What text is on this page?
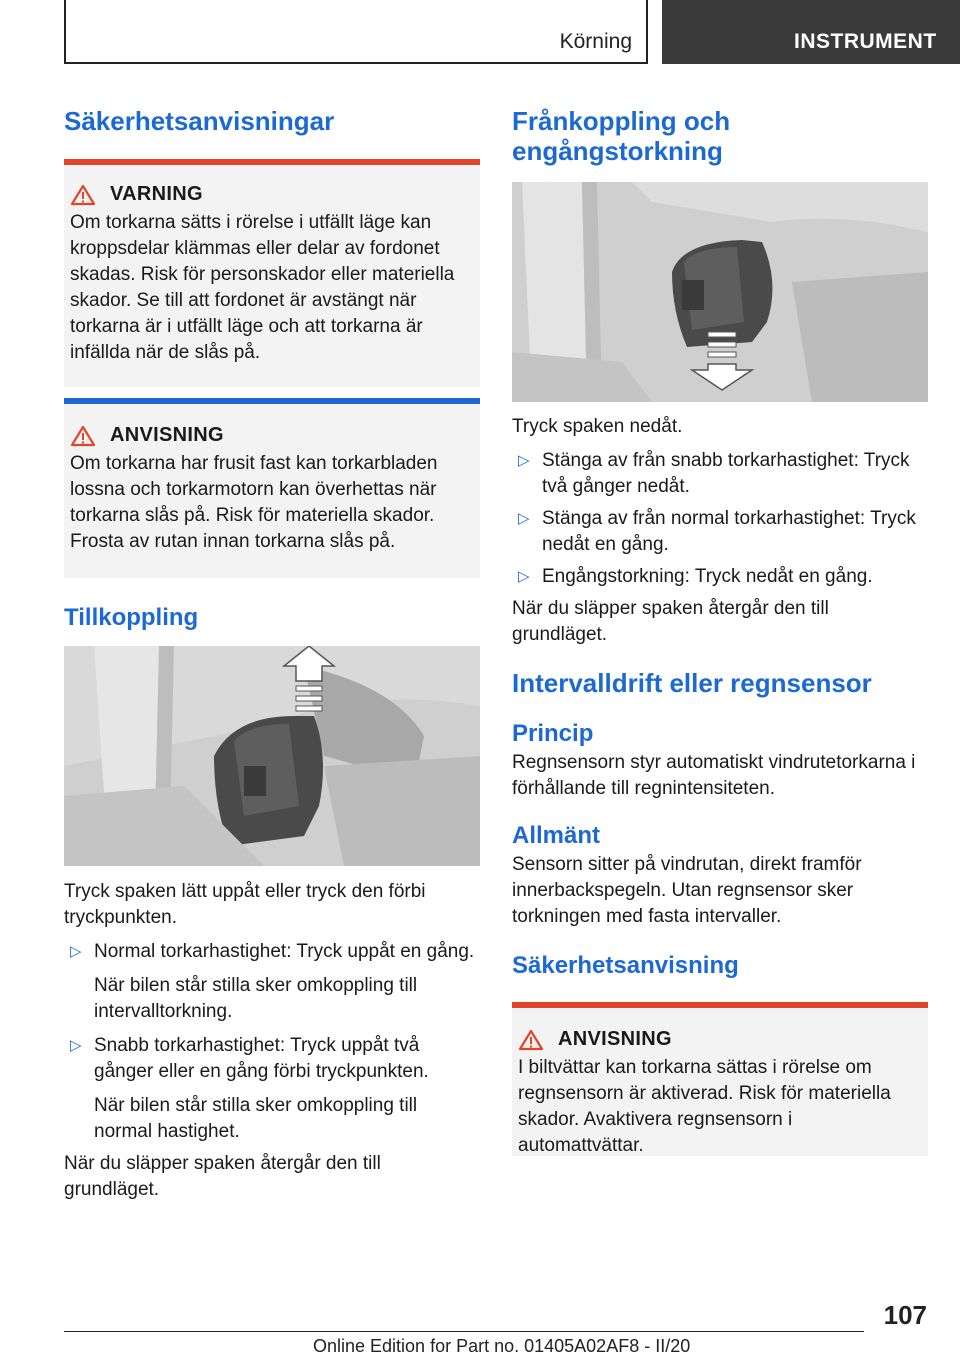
Körning	INSTRUMENT
Säkerhetsanvisningar
VARNING
Om torkarna sätts i rörelse i utfällt läge kan kroppsdelar klämmas eller delar av fordonet skadas. Risk för personskador eller materiella skador. Se till att fordonet är avstängt när torkarna är i utfällt läge och att torkarna är infällda när de slås på.
ANVISNING
Om torkarna har frusit fast kan torkarbladen lossna och torkarmotorn kan överhettas när torkarna slås på. Risk för materiella skador. Frosta av rutan innan torkarna slås på.
Tillkoppling

Tryck spaken lätt uppåt eller tryck den förbi tryckpunkten.

▷ Normal torkarhastighet: Tryck uppåt en gång.
När bilen står stilla sker omkoppling till intervalltorkning.
▷ Snabb torkarhastighet: Tryck uppåt två gånger eller en gång förbi tryckpunkten.
När bilen står stilla sker omkoppling till normal hastighet.

När du släpper spaken återgår den till grundläget.

Frånkoppling och engångstorkning

Tryck spaken nedåt.

▷ Stänga av från snabb torkarhastighet: Tryck två gånger nedåt.
▷ Stänga av från normal torkarhastighet: Tryck nedåt en gång.
▷ Engångstorkning: Tryck nedåt en gång.

När du släpper spaken återgår den till grundläget.

Intervalldrift eller regnsensor
Princip

Regnsensorn styr automatiskt vindrutetorkarna i förhållande till regnintensiteten.

Allmänt

Sensorn sitter på vindrutan, direkt framför innerbackspegeln. Utan regnsensor sker torkningen med fasta intervaller.

Säkerhetsanvisning
ANVISNING
I biltvättar kan torkarna sättas i rörelse om regnsensorn är aktiverad. Risk för materiella skador. Avaktivera regnsensorn i automattvättar.
107
Online Edition for Part no. 01405A02AF8 - II/20
